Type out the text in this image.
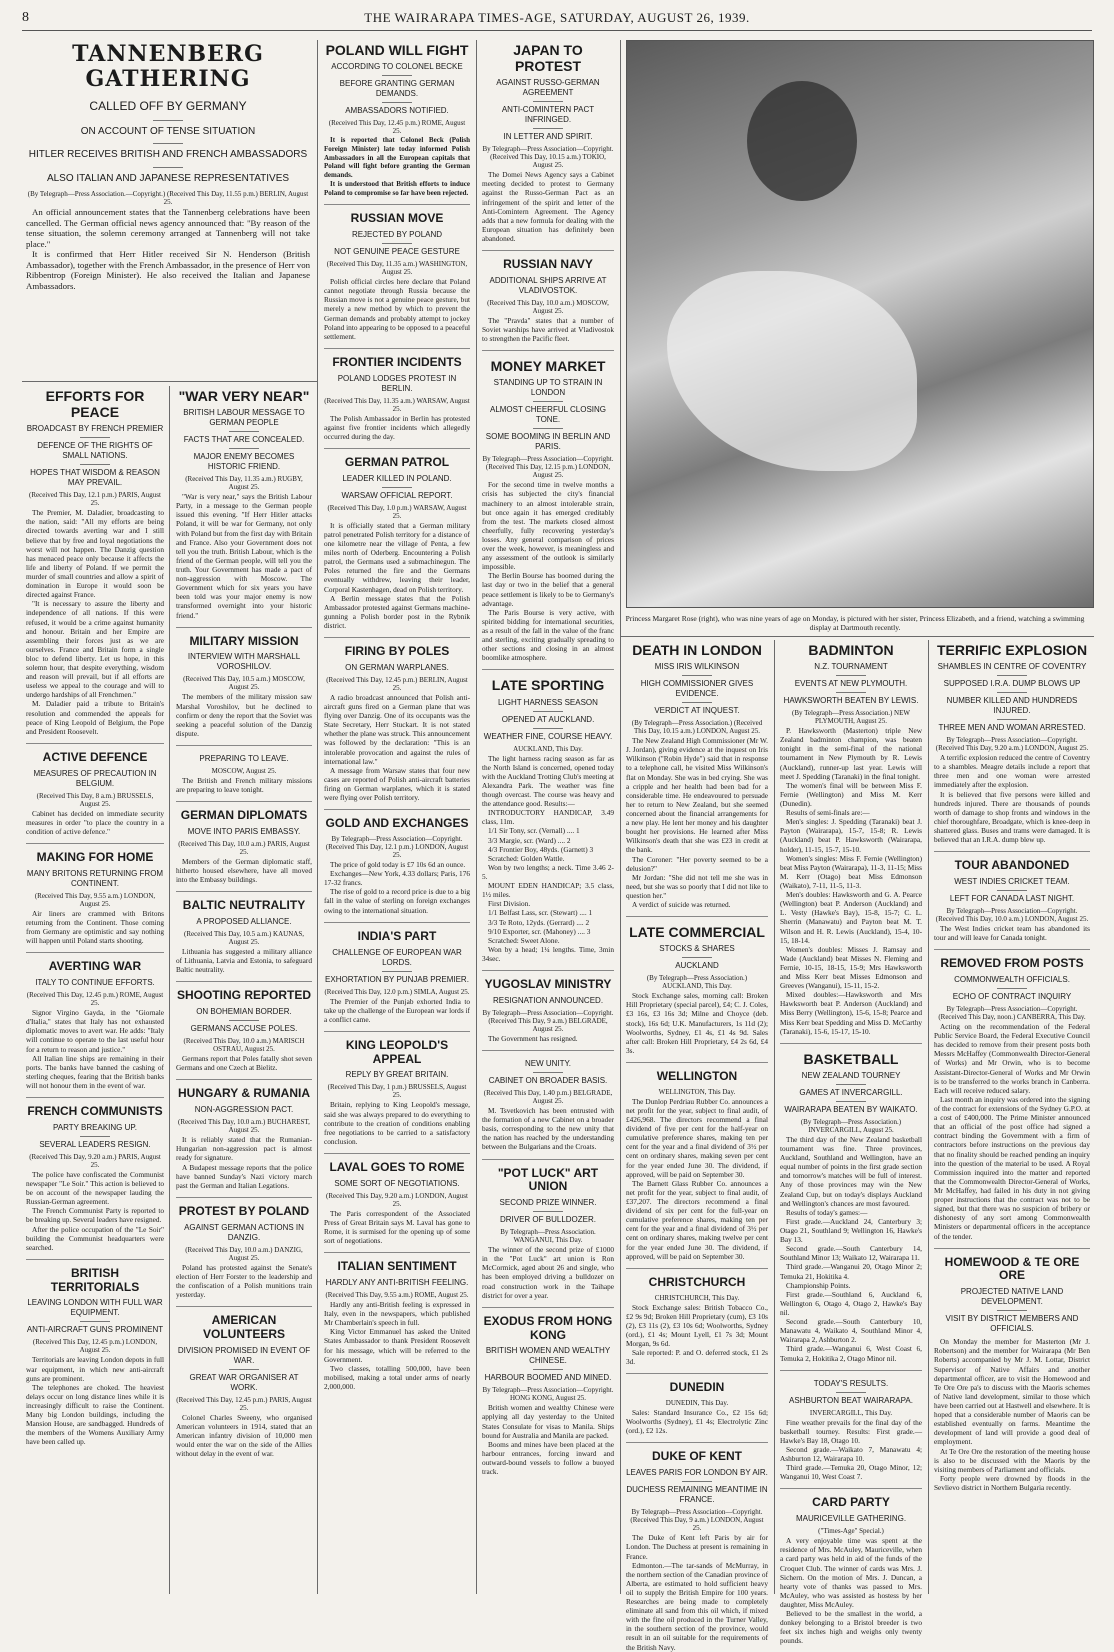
8	THE WAIRARAPA TIMES-AGE, SATURDAY, AUGUST 26, 1939.
TANNENBERG GATHERING
CALLED OFF BY GERMANY
ON ACCOUNT OF TENSE SITUATION
HITLER RECEIVES BRITISH AND FRENCH AMBASSADORS
ALSO ITALIAN AND JAPANESE REPRESENTATIVES
(By Telegraph—Press Association.—Copyright.) (Received This Day, 11.55 p.m.) BERLIN, August 25.

An official announcement states that the Tannenberg celebrations have been cancelled. The German official news agency announced that: "By reason of the tense situation, the solemn ceremony arranged at Tannenberg will not take place."

It is confirmed that Herr Hitler received Sir N. Henderson (British Ambassador), together with the French Ambassador, in the presence of Herr von Ribbentrop (Foreign Minister). He also received the Italian and Japanese Ambassadors.

EFFORTS FOR PEACE
BROADCAST BY FRENCH PREMIER
DEFENCE OF THE RIGHTS OF SMALL NATIONS.
HOPES THAT WISDOM & REASON MAY PREVAIL.
(Received This Day, 12.1 p.m.) PARIS, August 25.

The Premier, M. Daladier, broadcasting to the nation, said: "All my efforts are being directed towards averting war and I still believe that by free and loyal negotiations the worst will not happen. The Danzig question has menaced peace only because it affects the life and liberty of Poland. If we permit the murder of small countries and allow a spirit of domination in Europe it would soon be directed against France.

"It is necessary to assure the liberty and independence of all nations. If this were refused, it would be a crime against humanity and honour. Britain and her Empire are assembling their forces just as we are ourselves. France and Britain form a single bloc to defend liberty. Let us hope, in this solemn hour, that despite everything, wisdom and reason will prevail, but if all efforts are useless we appeal to the courage and will to undergo hardships of all Frenchmen."

M. Daladier paid a tribute to Britain's resolution and commended the appeals for peace of King Leopold of Belgium, the Pope and President Roosevelt.

ACTIVE DEFENCE
MEASURES OF PRECAUTION IN BELGIUM.
(Received This Day, 8 a.m.) BRUSSELS, August 25.

Cabinet has decided on immediate security measures in order "to place the country in a condition of active defence."

MAKING FOR HOME
MANY BRITONS RETURNING FROM CONTINENT.
(Received This Day, 9.55 a.m.) LONDON, August 25.

Air liners are crammed with Britons returning from the Continent. Those coming from Germany are optimistic and say nothing will happen until Poland starts shooting.

AVERTING WAR
ITALY TO CONTINUE EFFORTS.
(Received This Day, 12.45 p.m.) ROME, August 25.

Signor Virgino Gayda, in the "Giornale d'Italia," states that Italy has not exhausted diplomatic moves to avert war. He adds: "Italy will continue to operate to the last useful hour for a return to reason and justice."

All Italian line ships are remaining in their ports. The banks have banned the cashing of sterling cheques, fearing that the British banks will not honour them in the event of war.

FRENCH COMMUNISTS
PARTY BREAKING UP.
SEVERAL LEADERS RESIGN.
(Received This Day, 9.20 a.m.) PARIS, August 25.

The police have confiscated the Communist newspaper "Le Soir." This action is believed to be on account of the newspaper lauding the Russian-German agreement.

The French Communist Party is reported to be breaking up. Several leaders have resigned.

After the police occupation of the "Le Soir" building the Communist headquarters were searched.

BRITISH TERRITORIALS
LEAVING LONDON WITH FULL WAR EQUIPMENT.
ANTI-AIRCRAFT GUNS PROMINENT
(Received This Day, 12.45 p.m.) LONDON, August 25.

Territorials are leaving London depots in full war equipment, in which new anti-aircraft guns are prominent.

The telephones are choked. The heaviest delays occur on long distance lines while it is increasingly difficult to raise the Continent. Many big London buildings, including the Mansion House, are sandbagged. Hundreds of the members of the Womens Auxiliary Army have been called up.

"WAR VERY NEAR"
BRITISH LABOUR MESSAGE TO GERMAN PEOPLE
FACTS THAT ARE CONCEALED.
MAJOR ENEMY BECOMES HISTORIC FRIEND.
(Received This Day, 11.35 a.m.) RUGBY, August 25.

"War is very near," says the British Labour Party, in a message to the German people issued this evening. "If Herr Hitler attacks Poland, it will be war for Germany, not only with Poland but from the first day with Britain and France. Also your Government does not tell you the truth. British Labour, which is the friend of the German people, will tell you the truth. Your Government has made a pact of non-aggression with Moscow. The Government which for six years you have been told was your major enemy is now transformed overnight into your historic friend."

MILITARY MISSION
INTERVIEW WITH MARSHALL VOROSHILOV.
(Received This Day, 10.5 a.m.) MOSCOW, August 25.

The members of the military mission saw Marshal Voroshilov, but he declined to confirm or deny the report that the Soviet was seeking a peaceful solution of the Danzig dispute.

PREPARING TO LEAVE.
MOSCOW, August 25.

The British and French military missions are preparing to leave tonight.

GERMAN DIPLOMATS
MOVE INTO PARIS EMBASSY.
(Received This Day, 10.0 a.m.) PARIS, August 25.

Members of the German diplomatic staff, hitherto housed elsewhere, have all moved into the Embassy buildings.

BALTIC NEUTRALITY
A PROPOSED ALLIANCE.
(Received This Day, 10.5 a.m.) KAUNAS, August 25.

Lithuania has suggested a military alliance of Lithuania, Latvia and Estonia, to safeguard Baltic neutrality.

SHOOTING REPORTED
ON BOHEMIAN BORDER.
GERMANS ACCUSE POLES.
(Received This Day, 10.0 a.m.) MARISCH OSTRAU, August 25.

Germans report that Poles fatally shot seven Germans and one Czech at Bielitz.

HUNGARY & RUMANIA
NON-AGGRESSION PACT.
(Received This Day, 10.0 a.m.) BUCHAREST, August 25.

It is reliably stated that the Rumanian-Hungarian non-aggression pact is almost ready for signature.

A Budapest message reports that the police have banned Sunday's Nazi victory march past the German and Italian Legations.

PROTEST BY POLAND
AGAINST GERMAN ACTIONS IN DANZIG.
(Received This Day, 10.0 a.m.) DANZIG, August 25.

Poland has protested against the Senate's election of Herr Forster to the leadership and the confiscation of a Polish munitions train yesterday.

AMERICAN VOLUNTEERS
DIVISION PROMISED IN EVENT OF WAR.
GREAT WAR ORGANISER AT WORK.
(Received This Day, 12.45 p.m.) PARIS, August 25.

Colonel Charles Sweeny, who organised American volunteers in 1914, stated that an American infantry division of 10,000 men would enter the war on the side of the Allies without delay in the event of war.

POLAND WILL FIGHT
ACCORDING TO COLONEL BECKE
BEFORE GRANTING GERMAN DEMANDS.
AMBASSADORS NOTIFIED.
(Received This Day, 12.45 p.m.) ROME, August 25.

It is reported that Colonel Beck (Polish Foreign Minister) late today informed Polish Ambassadors in all the European capitals that Poland will fight before granting the German demands.

It is understood that British efforts to induce Poland to compromise so far have been rejected.

RUSSIAN MOVE
REJECTED BY POLAND
NOT GENUINE PEACE GESTURE
(Received This Day, 11.35 a.m.) WASHINGTON, August 25.

Polish official circles here declare that Poland cannot negotiate through Russia because the Russian move is not a genuine peace gesture, but merely a new method by which to prevent the German demands and probably attempt to jockey Poland into appearing to be opposed to a peaceful settlement.

FRONTIER INCIDENTS
POLAND LODGES PROTEST IN BERLIN.
(Received This Day, 11.35 a.m.) WARSAW, August 25.

The Polish Ambassador in Berlin has protested against five frontier incidents which allegedly occurred during the day.

GERMAN PATROL
LEADER KILLED IN POLAND.
WARSAW OFFICIAL REPORT.
(Received This Day, 1.0 p.m.) WARSAW, August 25.

It is officially stated that a German military patrol penetrated Polish territory for a distance of one kilometre near the village of Penta, a few miles north of Oderberg. Encountering a Polish patrol, the Germans used a submachinegun. The Poles returned the fire and the Germans eventually withdrew, leaving their leader, Corporal Kastenhagen, dead on Polish territory.

A Berlin message states that the Polish Ambassador protested against Germans machine-gunning a Polish border post in the Rybnik district.

FIRING BY POLES
ON GERMAN WARPLANES.
(Received This Day, 12.45 p.m.) BERLIN, August 25.

A radio broadcast announced that Polish anti-aircraft guns fired on a German plane that was flying over Danzig. One of its occupants was the State Secretary, Herr Stuckart. It is not stated whether the plane was struck. This announcement was followed by the declaration: "This is an intolerable provocation and against the rules of international law."

A message from Warsaw states that four new cases are reported of Polish anti-aircraft batteries firing on German warplanes, which it is stated were flying over Polish territory.

GOLD AND EXCHANGES
By Telegraph—Press Association—Copyright. (Received This Day, 12.1 p.m.) LONDON, August 25.

The price of gold today is £7 10s 6d an ounce.

Exchanges—New York, 4.33 dollars; Paris, 176 17-32 francs.

The rise of gold to a record price is due to a big fall in the value of sterling on foreign exchanges owing to the international situation.

INDIA'S PART
CHALLENGE OF EUROPEAN WAR LORDS.
EXHORTATION BY PUNJAB PREMIER.
(Received This Day, 12.0 p.m.) SIMLA, August 25.

The Premier of the Punjab exhorted India to take up the challenge of the European war lords if a conflict came.

KING LEOPOLD'S APPEAL
REPLY BY GREAT BRITAIN.
(Received This Day, 1 p.m.) BRUSSELS, August 25.

Britain, replying to King Leopold's message, said she was always prepared to do everything to contribute to the creation of conditions enabling free negotiations to be carried to a satisfactory conclusion.

LAVAL GOES TO ROME
SOME SORT OF NEGOTIATIONS.
(Received This Day, 9.20 a.m.) LONDON, August 25.

The Paris correspondent of the Associated Press of Great Britain says M. Laval has gone to Rome, it is surmised for the opening up of some sort of negotiations.

ITALIAN SENTIMENT
HARDLY ANY ANTI-BRITISH FEELING.
(Received This Day, 9.55 a.m.) ROME, August 25.

Hardly any anti-British feeling is expressed in Italy, even in the newspapers, which published Mr Chamberlain's speech in full.

King Victor Emmanuel has asked the United States Ambassador to thank President Roosevelt for his message, which will be referred to the Government.

Two classes, totalling 500,000, have been mobilised, making a total under arms of nearly 2,000,000.

JAPAN TO PROTEST
AGAINST RUSSO-GERMAN AGREEMENT
ANTI-COMINTERN PACT INFRINGED.
IN LETTER AND SPIRIT.
By Telegraph—Press Association—Copyright. (Received This Day, 10.15 a.m.) TOKIO, August 25.

The Domei News Agency says a Cabinet meeting decided to protest to Germany against the Russo-German Pact as an infringement of the spirit and letter of the Anti-Comintern Agreement. The Agency adds that a new formula for dealing with the European situation has definitely been abandoned.

RUSSIAN NAVY
ADDITIONAL SHIPS ARRIVE AT VLADIVOSTOK.
(Received This Day, 10.0 a.m.) MOSCOW, August 25.

The "Pravda" states that a number of Soviet warships have arrived at Vladivostok to strengthen the Pacific fleet.

MONEY MARKET
STANDING UP TO STRAIN IN LONDON
ALMOST CHEERFUL CLOSING TONE.
SOME BOOMING IN BERLIN AND PARIS.
By Telegraph—Press Association—Copyright. (Received This Day, 12.15 p.m.) LONDON, August 25.

For the second time in twelve months a crisis has subjected the city's financial machinery to an almost intolerable strain, but once again it has emerged creditably from the test. The markets closed almost cheerfully, fully recovering yesterday's losses. Any general comparison of prices over the week, however, is meaningless and any assessment of the outlook is similarly impossible.

The Berlin Bourse has boomed during the last day or two in the belief that a general peace settlement is likely to be to Germany's advantage.

The Paris Bourse is very active, with spirited bidding for international securities, as a result of the fall in the value of the franc and sterling, exciting gradually spreading to other sections and closing in an almost boomlike atmosphere.

LATE SPORTING
LIGHT HARNESS SEASON
OPENED AT AUCKLAND.
WEATHER FINE, COURSE HEAVY.
AUCKLAND, This Day.

The light harness racing season as far as the North Island is concerned, opened today with the Auckland Trotting Club's meeting at Alexandra Park. The weather was fine though overcast. The course was heavy and the attendance good. Results:—

INTRODUCTORY HANDICAP, 3.49 class, 11m.

1/1 Sir Tony, scr. (Vernall) .... 1

3/3 Margie, scr. (Ward) .... 2

4/3 Frontier Boy, 48yds. (Garnett) 3

Scratched: Golden Wattle.

Won by two lengths; a neck. Time 3.46 2-5.

MOUNT EDEN HANDICAP; 3.5 class, 1½ miles.

First Division.

1/1 Belfast Lass, scr. (Stewart) .... 1

3/3 Te Roto, 12yds. (Gerrard) .... 2

9/10 Exporter, scr. (Mahoney) .... 3

Scratched: Sweet Alone.

Won by a head; 1¼ lengths. Time, 3min 34sec.

YUGOSLAV MINISTRY
RESIGNATION ANNOUNCED.
By Telegraph—Press Association—Copyright. (Received This Day, 9 a.m.) BELGRADE, August 25.

The Government has resigned.

NEW UNITY.
CABINET ON BROADER BASIS.
(Received This Day, 1.40 p.m.) BELGRADE, August 25.

M. Tsvetkovich has been entrusted with the formation of a new Cabinet on a broader basis, corresponding to the new unity that the nation has reached by the understanding between the Bulgarians and the Croats.

"POT LUCK" ART UNION
SECOND PRIZE WINNER.
DRIVER OF BULLDOZER.
By Telegraph—Press Association. WANGANUI, This Day.

The winner of the second prize of £1000 in the "Pot Luck" art union is Ron McCormick, aged about 26 and single, who has been employed driving a bulldozer on road construction work in the Taihape district for over a year.

EXODUS FROM HONG KONG
BRITISH WOMEN AND WEALTHY CHINESE.
HARBOUR BOOMED AND MINED.
By Telegraph—Press Association—Copyright. HONG KONG, August 25.

British women and wealthy Chinese were applying all day yesterday to the United States Consulate for visas to Manila. Ships bound for Australia and Manila are packed.

Booms and mines have been placed at the harbour entrances, forcing inward and outward-bound vessels to follow a buoyed track.

DEATH IN LONDON
MISS IRIS WILKINSON
HIGH COMMISSIONER GIVES EVIDENCE.
VERDICT AT INQUEST.
(By Telegraph—Press Association.) (Received This Day, 10.15 a.m.) LONDON, August 25.

The New Zealand High Commissioner (Mr W. J. Jordan), giving evidence at the inquest on Iris Wilkinson ("Robin Hyde") said that in response to a telephone call, he visited Miss Wilkinson's flat on Monday. She was in bed crying. She was a cripple and her health had been bad for a considerable time. He endeavoured to persuade her to return to New Zealand, but she seemed concerned about the financial arrangements for a new play. He lent her money and his daughter bought her provisions. He learned after Miss Wilkinson's death that she was £23 in credit at the bank.

The Coroner: "Her poverty seemed to be a delusion?"

Mr Jordan: "She did not tell me she was in need, but she was so poorly that I did not like to question her."

A verdict of suicide was returned.

LATE COMMERCIAL
STOCKS & SHARES
AUCKLAND
(By Telegraph—Press Association.) AUCKLAND, This Day.

Stock Exchange sales, morning call: Broken Hill Proprietary (special parcel), £4; C. J. Coles, £3 16s, £3 16s 3d; Milne and Choyce (deb. stock), 16s 6d; U.K. Manufacturers, 1s 11d (2); Woolworths, Sydney, £1 4s, £1 4s 9d. Sales after call: Broken Hill Proprietary, £4 2s 6d, £4 3s.

WELLINGTON
WELLINGTON, This Day.

The Dunlop Perdriau Rubber Co. announces a net profit for the year, subject to final audit, of £426,968. The directors recommend a final dividend of five per cent for the half-year on cumulative preference shares, making ten per cent for the year and a final dividend of 3½ per cent on ordinary shares, making seven per cent for the year ended June 30. The dividend, if approved, will be paid on September 30.

The Barnett Glass Rubber Co. announces a net profit for the year, subject to final audit, of £37,207. The directors recommend a final dividend of six per cent for the full-year on cumulative preference shares, making ten per cent for the year and a final dividend of 3½ per cent on ordinary shares, making twelve per cent for the year ended June 30. The dividend, if approved, will be paid on September 30.

CHRISTCHURCH
CHRISTCHURCH, This Day.

Stock Exchange sales: British Tobacco Co., £2 9s 9d; Broken Hill Proprietary (cum), £3 10s (2), £3 11s (2), £3 10s 6d; Woolworths, Sydney (ord.), £1 4s; Mount Lyell, £1 7s 3d; Mount Morgan, 9s 6d.

Sale reported: P. and O. deferred stock, £1 2s 3d.

DUNEDIN
DUNEDIN, This Day.

Sales: Standard Insurance Co., £2 15s 6d; Woolworths (Sydney), £1 4s; Electrolytic Zinc (ord.), £2 12s.

DUKE OF KENT
LEAVES PARIS FOR LONDON BY AIR.
DUCHESS REMAINING MEANTIME IN FRANCE.
By Telegraph—Press Association—Copyright. (Received This Day, 9 a.m.) LONDON, August 25.

The Duke of Kent left Paris by air for London. The Duchess at present is remaining in France.

Edmonton.—The tar-sands of McMurray, in the northern section of the Canadian province of Alberta, are estimated to hold sufficient heavy oil to supply the British Empire for 100 years. Researches are being made to completely eliminate all sand from this oil which, if mixed with the fine oil produced in the Turner Valley, in the southern section of the province, would result in an oil suitable for the requirements of the British Navy.

BADMINTON
N.Z. TOURNAMENT
EVENTS AT NEW PLYMOUTH.
HAWKSWORTH BEATEN BY LEWIS.
(By Telegraph—Press Association.) NEW PLYMOUTH, August 25.

P. Hawksworth (Masterton) triple New Zealand badminton champion, was beaten tonight in the semi-final of the national tournament in New Plymouth by R. Lewis (Auckland), runner-up last year. Lewis will meet J. Spedding (Taranaki) in the final tonight.

The women's final will be between Miss F. Fernie (Wellington) and Miss M. Kerr (Dunedin).

Results of semi-finals are:—

Men's singles: J. Spedding (Taranaki) beat J. Payton (Wairarapa), 15-7, 15-8; R. Lewis (Auckland) beat P. Hawksworth (Wairarapa, holder), 11-15, 15-7, 15-10.

Women's singles: Miss F. Fernie (Wellington) beat Miss Payton (Wairarapa), 11-3, 11-15; Miss M. Kerr (Otago) beat Miss Edmonson (Waikato), 7-11, 11-5, 11-3.

Men's doubles: Hawksworth and G. A. Pearce (Wellington) beat P. Anderson (Auckland) and L. Vesty (Hawke's Bay), 15-8, 15-7; C. L. Sherrin (Manawatu) and Payton beat M. T. Wilson and H. R. Lewis (Auckland), 15-4, 10-15, 18-14.

Women's doubles: Misses J. Ramsay and Wade (Auckland) beat Misses N. Fleming and Fernie, 10-15, 18-15, 15-9; Mrs Hawksworth and Miss Kerr beat Misses Edmonson and Greeves (Wanganui), 15-11, 15-2.

Mixed doubles:—Hawksworth and Mrs Hawksworth beat P. Anderson (Auckland) and Miss Berry (Wellington), 15-6, 15-8; Pearce and Miss Kerr beat Spedding and Miss D. McCarthy (Taranaki), 15-6, 15-17, 15-10.

BASKETBALL
NEW ZEALAND TOURNEY
GAMES AT INVERCARGILL.
WAIRARAPA BEATEN BY WAIKATO.
(By Telegraph—Press Association.) INVERCARGILL, August 25.

The third day of the New Zealand basketball tournament was fine. Three provinces, Auckland, Southland and Wellington, have an equal number of points in the first grade section and tomorrow's matches will be full of interest. Any of those provinces may win the New Zealand Cup, but on today's displays Auckland and Wellington's chances are most favoured.

Results of today's games:—

First grade.—Auckland 24, Canterbury 3; Otago 21, Southland 9; Wellington 16, Hawke's Bay 13.

Second grade.—South Canterbury 14, Southland Minor 13; Waikato 12, Wairarapa 11.

Third grade.—Wanganui 20, Otago Minor 2; Temuka 21, Hokitika 4.

Championship Points.

First grade.—Southland 6, Auckland 6, Wellington 6, Otago 4, Otago 2, Hawke's Bay nil.

Second grade.—South Canterbury 10, Manawatu 4, Waikato 4, Southland Minor 4, Wairarapa 2, Ashburton 2.

Third grade.—Wanganui 6, West Coast 6, Temuka 2, Hokitika 2, Otago Minor nil.

TODAY'S RESULTS.
ASHBURTON BEAT WAIRARAPA.
INVERCARGILL, This Day.

Fine weather prevails for the final day of the basketball tourney. Results: First grade.—Hawke's Bay 18, Otago 10.

Second grade.—Waikato 7, Manawatu 4; Ashburton 12, Wairarapa 10.

Third grade.—Temuka 20, Otago Minor, 12; Wanganui 10, West Coast 7.

CARD PARTY
MAURICEVILLE GATHERING.
("Times-Age" Special.)

A very enjoyable time was spent at the residence of Mrs. McAuley, Mauriceville, when a card party was held in aid of the funds of the Croquet Club. The winner of cards was Mrs. J. Sichern. On the motion of Mrs. J. Duncan, a hearty vote of thanks was passed to Mrs. McAuley, who was assisted as hostess by her daughter, Miss McAuley.

Believed to be the smallest in the world, a donkey belonging to a Bristol breeder is two feet six inches high and weighs only twenty pounds.

TERRIFIC EXPLOSION
SHAMBLES IN CENTRE OF COVENTRY
SUPPOSED I.R.A. DUMP BLOWS UP
NUMBER KILLED AND HUNDREDS INJURED.
THREE MEN AND WOMAN ARRESTED.
By Telegraph—Press Association—Copyright. (Received This Day, 9.20 a.m.) LONDON, August 25.

A terrific explosion reduced the centre of Coventry to a shambles. Meagre details include a report that three men and one woman were arrested immediately after the explosion.

It is believed that five persons were killed and hundreds injured. There are thousands of pounds worth of damage to shop fronts and windows in the chief thoroughfare, Broadgate, which is knee-deep in shattered glass. Buses and trams were damaged. It is believed that an I.R.A. dump blew up.

TOUR ABANDONED
WEST INDIES CRICKET TEAM.
LEFT FOR CANADA LAST NIGHT.
By Telegraph—Press Association—Copyright. (Received This Day, 10.0 a.m.) LONDON, August 25.

The West Indies cricket team has abandoned its tour and will leave for Canada tonight.

REMOVED FROM POSTS
COMMONWEALTH OFFICIALS.
ECHO OF CONTRACT INQUIRY
By Telegraph—Press Association—Copyright. (Received This Day, noon.) CANBERRA, This Day.

Acting on the recommendation of the Federal Public Service Board, the Federal Executive Council has decided to remove from their present posts both Messrs McHaffey (Commonwealth Director-General of Works) and Mr Orwin, who is to become Assistant-Director-General of Works and Mr Orwin is to be transferred to the works branch in Canberra. Each will receive reduced salary.

Last month an inquiry was ordered into the signing of the contract for extensions of the Sydney G.P.O. at a cost of £400,000. The Prime Minister announced that an official of the post office had signed a contract binding the Government with a firm of contractors before instructions on the previous day that no finality should be reached pending an inquiry into the question of the material to be used. A Royal Commission inquired into the matter and reported that the Commonwealth Director-General of Works, Mr McHaffey, had failed in his duty in not giving proper instructions that the contract was not to be signed, but that there was no suspicion of bribery or dishonesty of any sort among Commonwealth Ministers or departmental officers in the acceptance of the tender.

HOMEWOOD & TE ORE ORE
PROJECTED NATIVE LAND DEVELOPMENT.
VISIT BY DISTRICT MEMBERS AND OFFICIALS.

On Monday the member for Masterton (Mr J. Robertson) and the member for Wairarapa (Mr Ben Roberts) accompanied by Mr J. M. Lottar, District Supervisor of Native Affairs and another departmental officer, are to visit the Homewood and Te Ore Ore pa's to discuss with the Maoris schemes of Native land development, similar to those which have been carried out at Hastwell and elsewhere. It is hoped that a considerable number of Maoris can be established eventually on farms. Meantime the development of land will provide a good deal of employment.

At Te Ore Ore the restoration of the meeting house is also to be discussed with the Maoris by the visiting members of Parliament and officials.

Forty people were drowned by floods in the Sevlievo district in Northern Bulgaria recently.

Princess Margaret Rose (right), who was nine years of age on Monday, is pictured with her sister, Princess Elizabeth, and a friend, watching a swimming display at Dartmouth recently.
